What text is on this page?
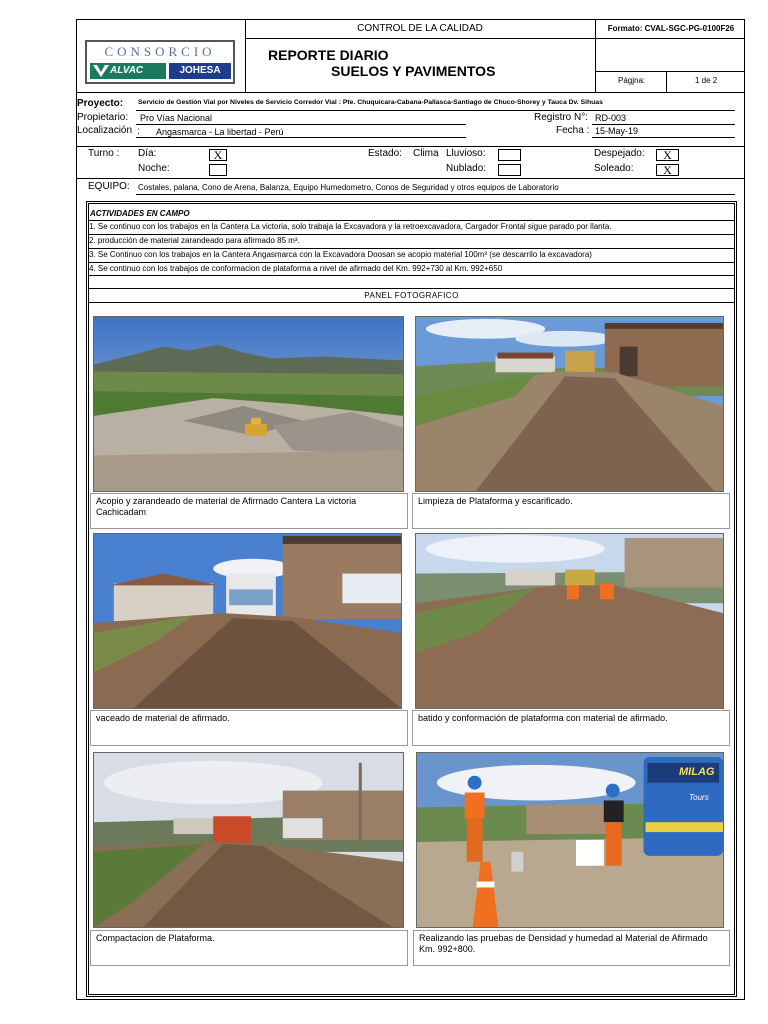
CONTROL DE LA CALIDAD	Formato: CVAL-SGC-PG-0100F26
REPORTE DIARIO
SUELOS Y PAVIMENTOS
Págjna:	1 de 2
CONSORCIO
ALVAC	JOHESA
Proyecto: Servicio de Gestión Vial por Niveles de Servicio Corredor Vial : Pte. Chuquicara-Cabana-Pallasca-Santiago de Chuco-Shorey y Tauca Dv. Sihuas
Propietario: Pro Vías Nacional	Registro N°: RD-003
Localización : Angasmarca - La libertad - Perú	Fecha : 15-May-19
Turno : Día:	X
Noche:
Estado: Clima Lluvioso:
Nublado:
Despejado:	X
Soleado:	X
EQUIPO: Costales, palana, Cono de Arena, Balanza, Equipo Humedometro, Conos de Seguridad y otros equipos de Laboratorio
ACTIVIDADES EN CAMPO
1. Se continuo con los trabajos en la Cantera La victoria, solo trabaja la Excavadora y la retroexcavadora, Cargador Frontal sigue parado por llanta.
2. producción de material zarandeado para afirmado 85 m³.
3. Se Continuo con los trabajos en la Cantera Angasmarca con la Excavadora Doosan se acopio material 100m³ (se descarrilo la excavadora)
4. Se continuo con los trabajos de conformacion de plataforma a nivel de afirmado del Km. 992+730 al Km. 992+650
PANEL FOTOGRAFICO
Acopio y zarandeado de material de Afirmado Cantera La victoria Cachicadam
Limpieza de Plataforma y escarificado.
vaceado de material de afirmado.	batido y conformación de plataforma con material de afirmado.
Compactacion de Plataforma.
MILAG
Tours
Realizando las pruebas de Densidad y humedad al Material de Afirmado Km. 992+800.
